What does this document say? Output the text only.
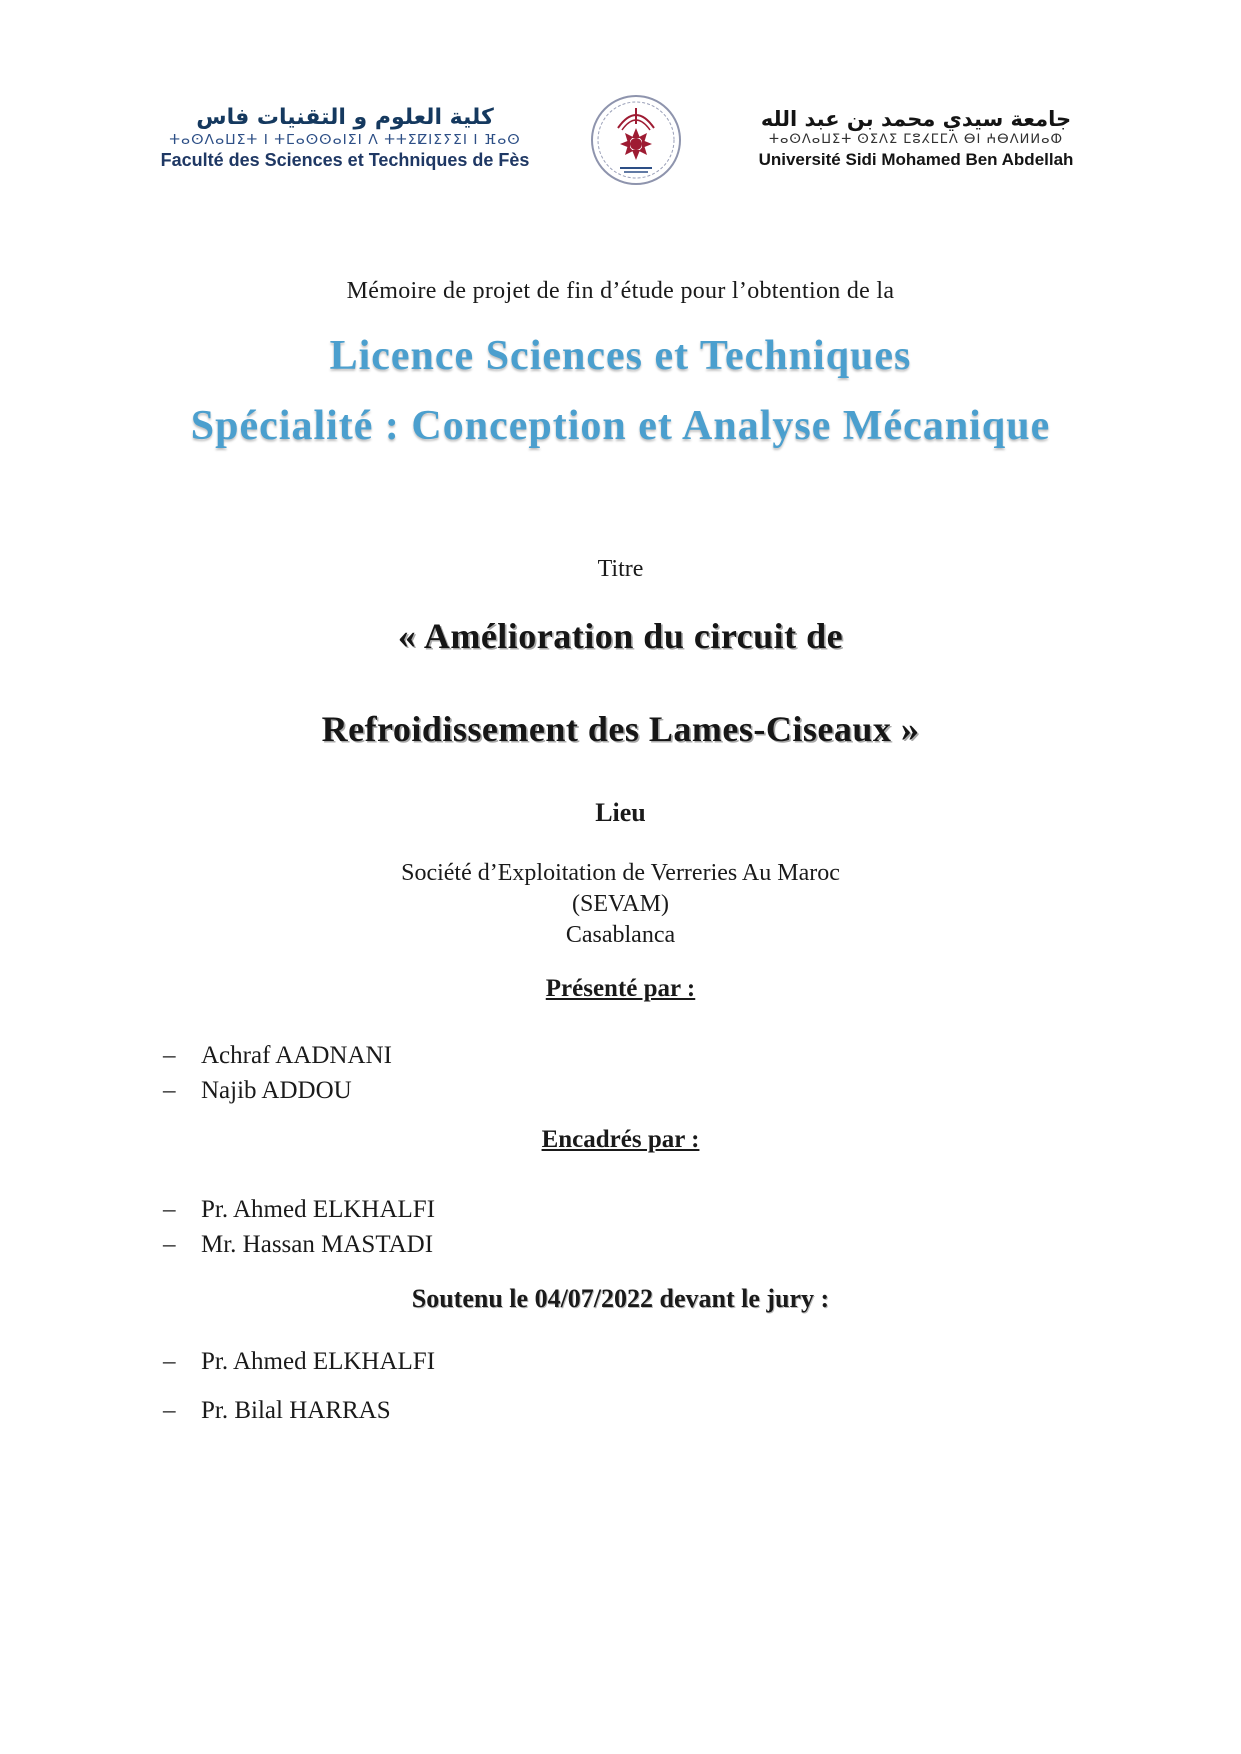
كلية العلوم و التقنيات فاس
ⵜⴰⵙⴷⴰⵡⵉⵜ ⵏ ⵜⵎⴰⵙⵙⴰⵏⵉⵏ ⴷ ⵜⵜⵉⵇⵏⵉⵢⵉⵏ ⵏ ⴼⴰⵙ
Faculté des Sciences et Techniques de Fès
جامعة سيدي محمد بن عبد الله
ⵜⴰⵙⴷⴰⵡⵉⵜ ⵙⵉⴷⵉ ⵎⵓⵃⵎⵎⴷ ⴱⵏ ⵄⴱⴷⵍⵍⴰⵀ
Université Sidi Mohamed Ben Abdellah
Mémoire de projet de fin d’étude pour l’obtention de la
Licence Sciences et Techniques
Spécialité : Conception et Analyse Mécanique
Titre
« Amélioration du circuit de
Refroidissement des Lames-Ciseaux »
Lieu
Société d’Exploitation de Verreries Au Maroc
(SEVAM)
Casablanca
Présenté par :
–	Achraf AADNANI
–	Najib ADDOU
Encadrés par :
–	Pr. Ahmed ELKHALFI
–	Mr. Hassan MASTADI
Soutenu le 04/07/2022 devant le jury :
–	Pr. Ahmed ELKHALFI
–	Pr. Bilal HARRAS
